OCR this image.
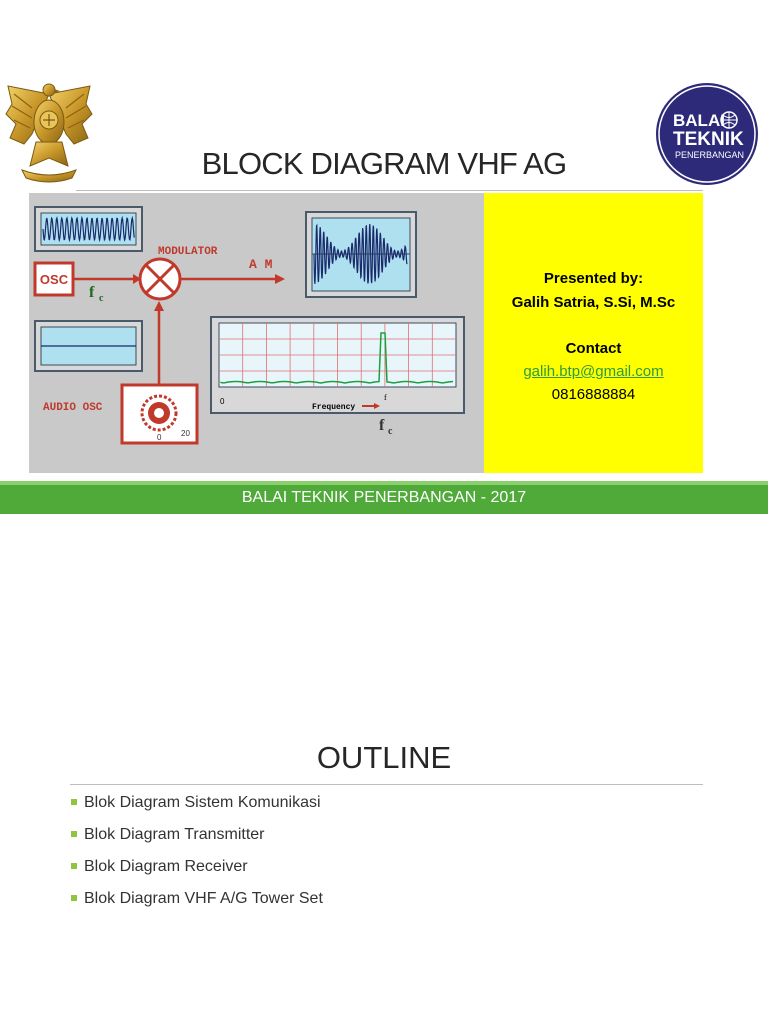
BALAI
TEKNIK
PENERBANGAN
BLOCK DIAGRAM VHF AG
OSC
f c
MODULATOR
A M
AUDIO OSC
0 20
0
Frequency
f
f c
Presented by:
Galih Satria, S.Si, M.Sc
Contact
galih.btp@gmail.com
0816888884
BALAI TEKNIK PENERBANGAN - 2017
OUTLINE
Blok Diagram Sistem Komunikasi
Blok Diagram Transmitter
Blok Diagram Receiver
Blok Diagram VHF A/G Tower Set
